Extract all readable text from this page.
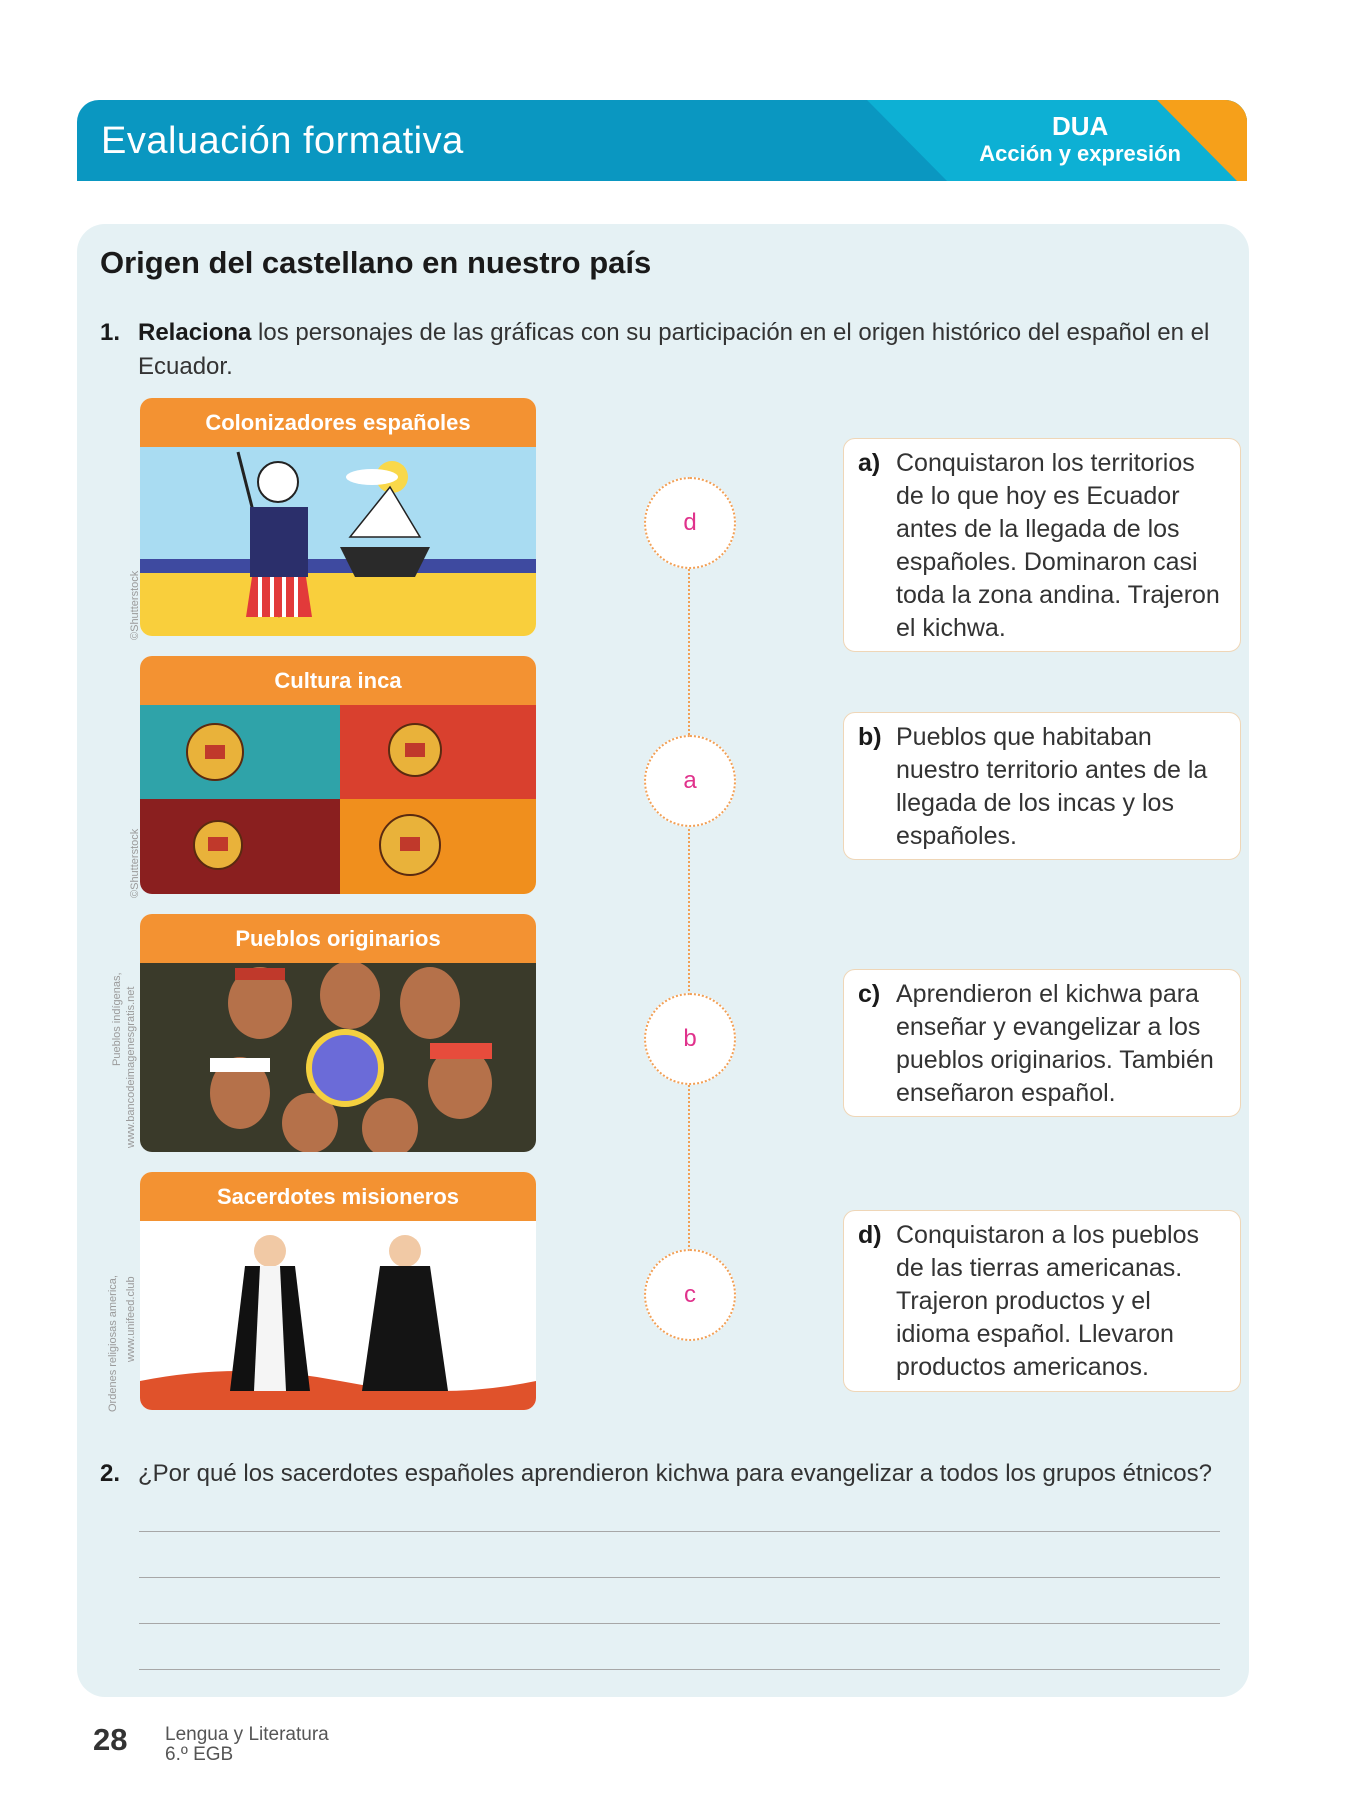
Evaluación formativa	DUA
Acción y expresión
Origen del castellano en nuestro país
1. Relaciona los personajes de las gráficas con su participación en el origen histórico del español en el Ecuador.
Colonizadores españoles
©Shutterstock
Cultura inca
©Shutterstock
Pueblos originarios
Pueblos indígenas, www.bancodeimagenesgratis.net
Sacerdotes misioneros
Ordenes religiosas america, www.unifeed.club
d
a
b
c
a) Conquistaron los territorios de lo que hoy es Ecuador antes de la llegada de los españoles. Dominaron casi toda la zona andina. Trajeron el kichwa.
b) Pueblos que habitaban nuestro territorio antes de la llegada de los incas y los españoles.
c) Aprendieron el kichwa para enseñar y evangelizar a los pueblos originarios. También enseñaron español.
d) Conquistaron a los pueblos de las tierras americanas. Trajeron productos y el idioma español. Llevaron productos americanos.
2. ¿Por qué los sacerdotes españoles aprendieron kichwa para evangelizar a todos los grupos étnicos?
28 Lengua y Literatura
6.º EGB
